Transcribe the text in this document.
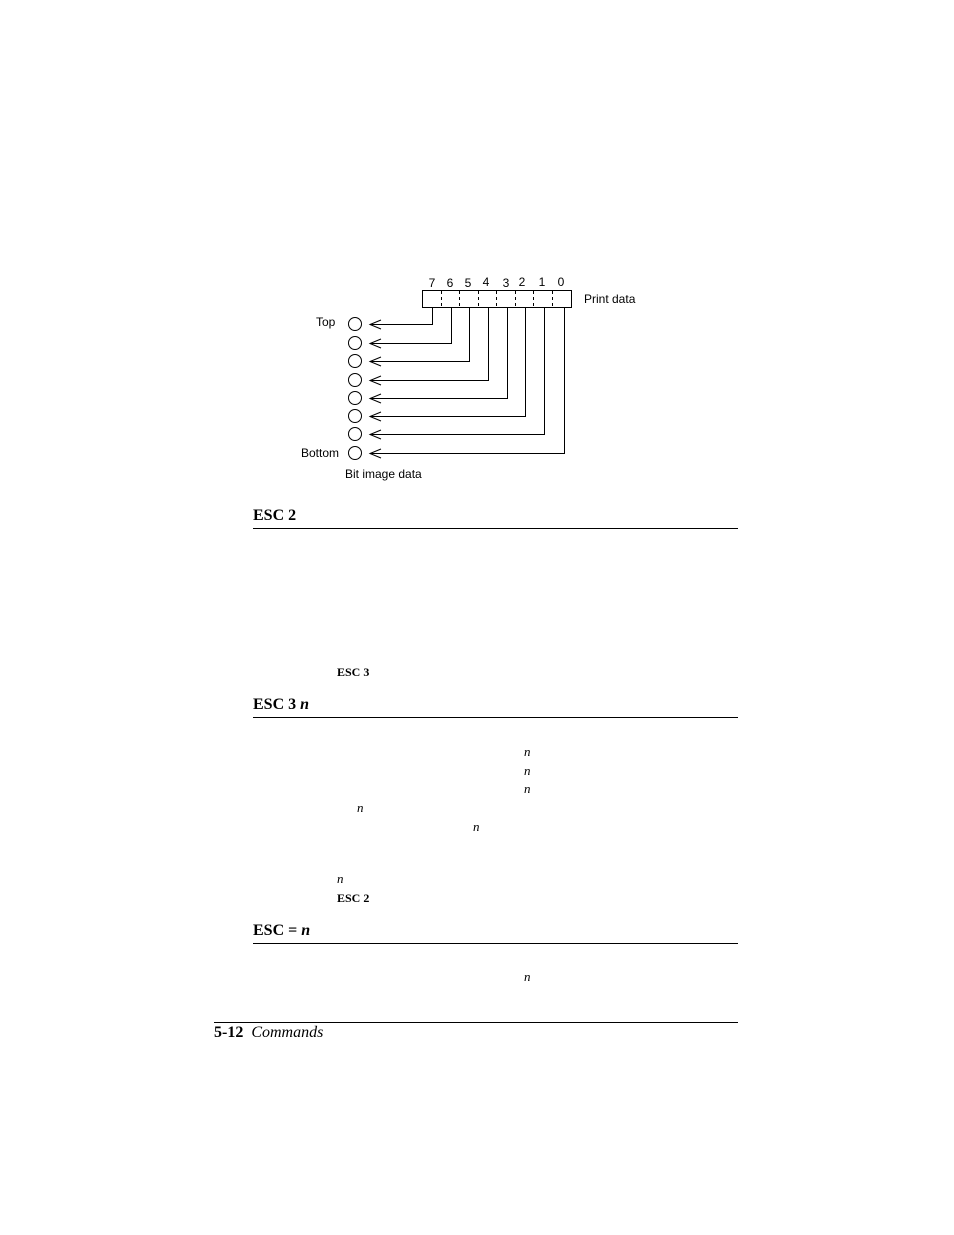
7 6 5 4 3 2 1 0
Print data
Top
Bottom
Bit image data
ESC 2
ESC 3
ESC 3 n
n
n
n
n
n
n
ESC 2
ESC = n
n
5-12 Commands
